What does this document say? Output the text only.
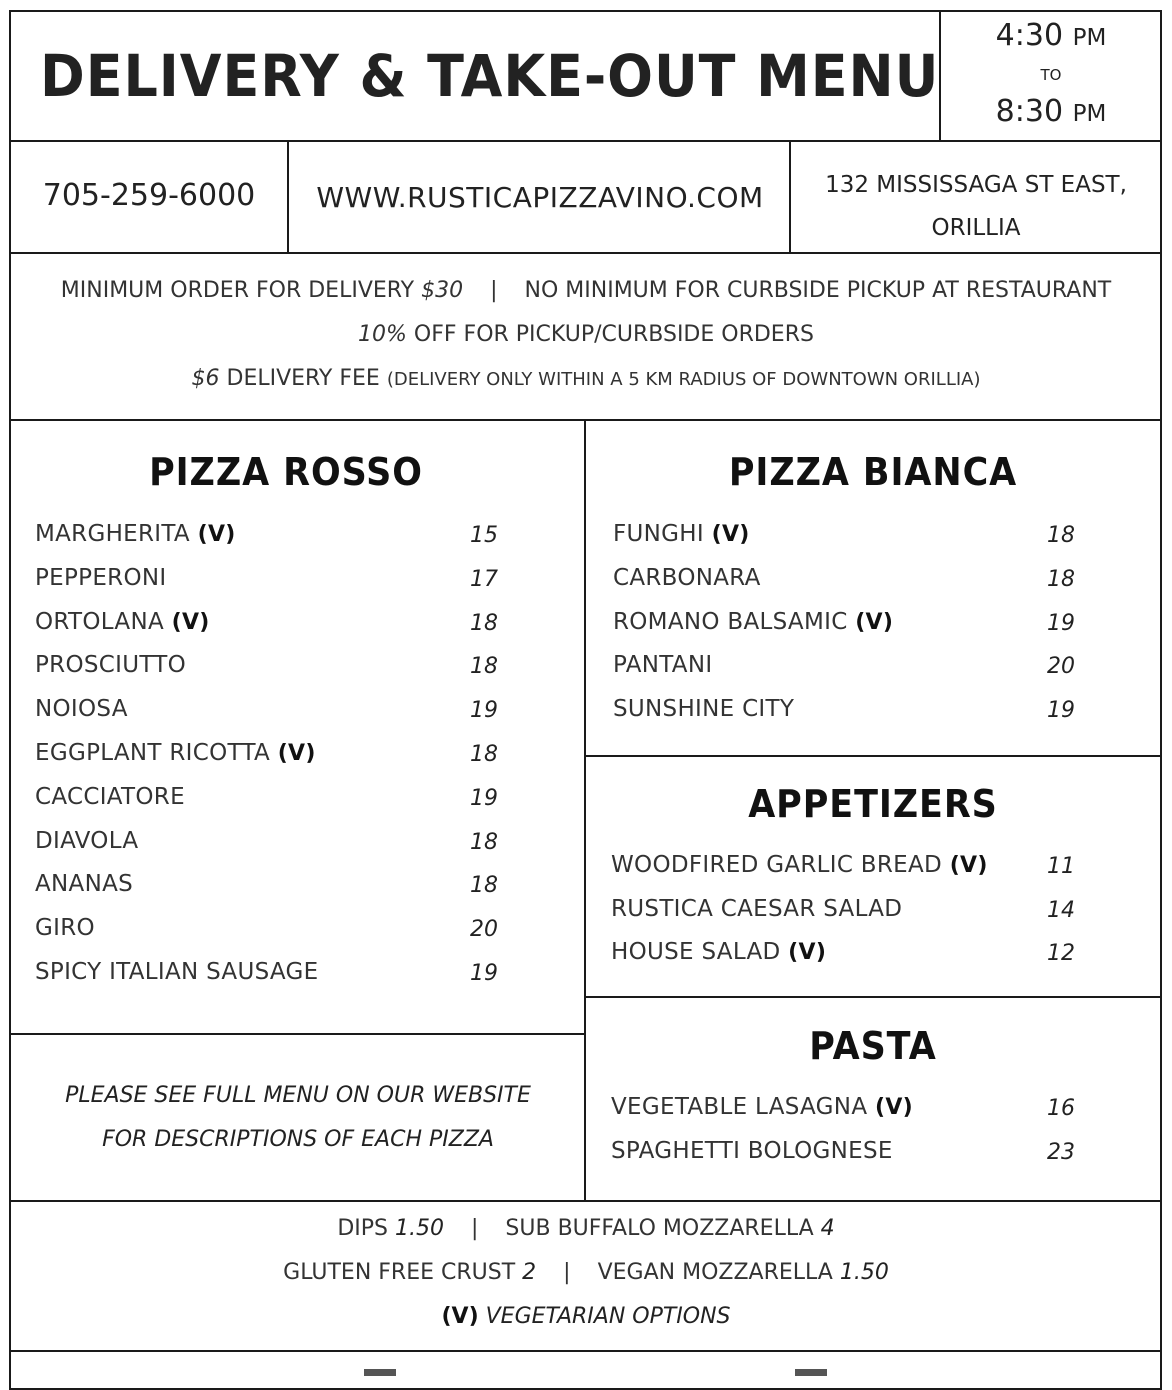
DELIVERY & TAKE-OUT MENU
4:30 PM
TO
8:30 PM
705-259-6000	WWW.RUSTICAPIZZAVINO.COM	132 MISSISSAGA ST EAST,
ORILLIA
MINIMUM ORDER FOR DELIVERY $30 | NO MINIMUM FOR CURBSIDE PICKUP AT RESTAURANT
10% OFF FOR PICKUP/CURBSIDE ORDERS
$6 DELIVERY FEE (DELIVERY ONLY WITHIN A 5 KM RADIUS OF DOWNTOWN ORILLIA)
PIZZA ROSSO	PIZZA BIANCA
APPETIZERS
PASTA
MARGHERITA (V)	15
PEPPERONI	17
ORTOLANA (V)	18
PROSCIUTTO	18
NOIOSA	19
EGGPLANT RICOTTA (V)	18
CACCIATORE	19
DIAVOLA	18
ANANAS	18
GIRO	20
SPICY ITALIAN SAUSAGE	19
FUNGHI (V)	18
CARBONARA	18
ROMANO BALSAMIC (V)	19
PANTANI	20
SUNSHINE CITY	19
WOODFIRED GARLIC BREAD (V)	11
RUSTICA CAESAR SALAD	14
HOUSE SALAD (V)	12
VEGETABLE LASAGNA (V)	16
SPAGHETTI BOLOGNESE	23
PLEASE SEE FULL MENU ON OUR WEBSITE
FOR DESCRIPTIONS OF EACH PIZZA
DIPS 1.50 | SUB BUFFALO MOZZARELLA 4
GLUTEN FREE CRUST 2 | VEGAN MOZZARELLA 1.50
(V) VEGETARIAN OPTIONS
